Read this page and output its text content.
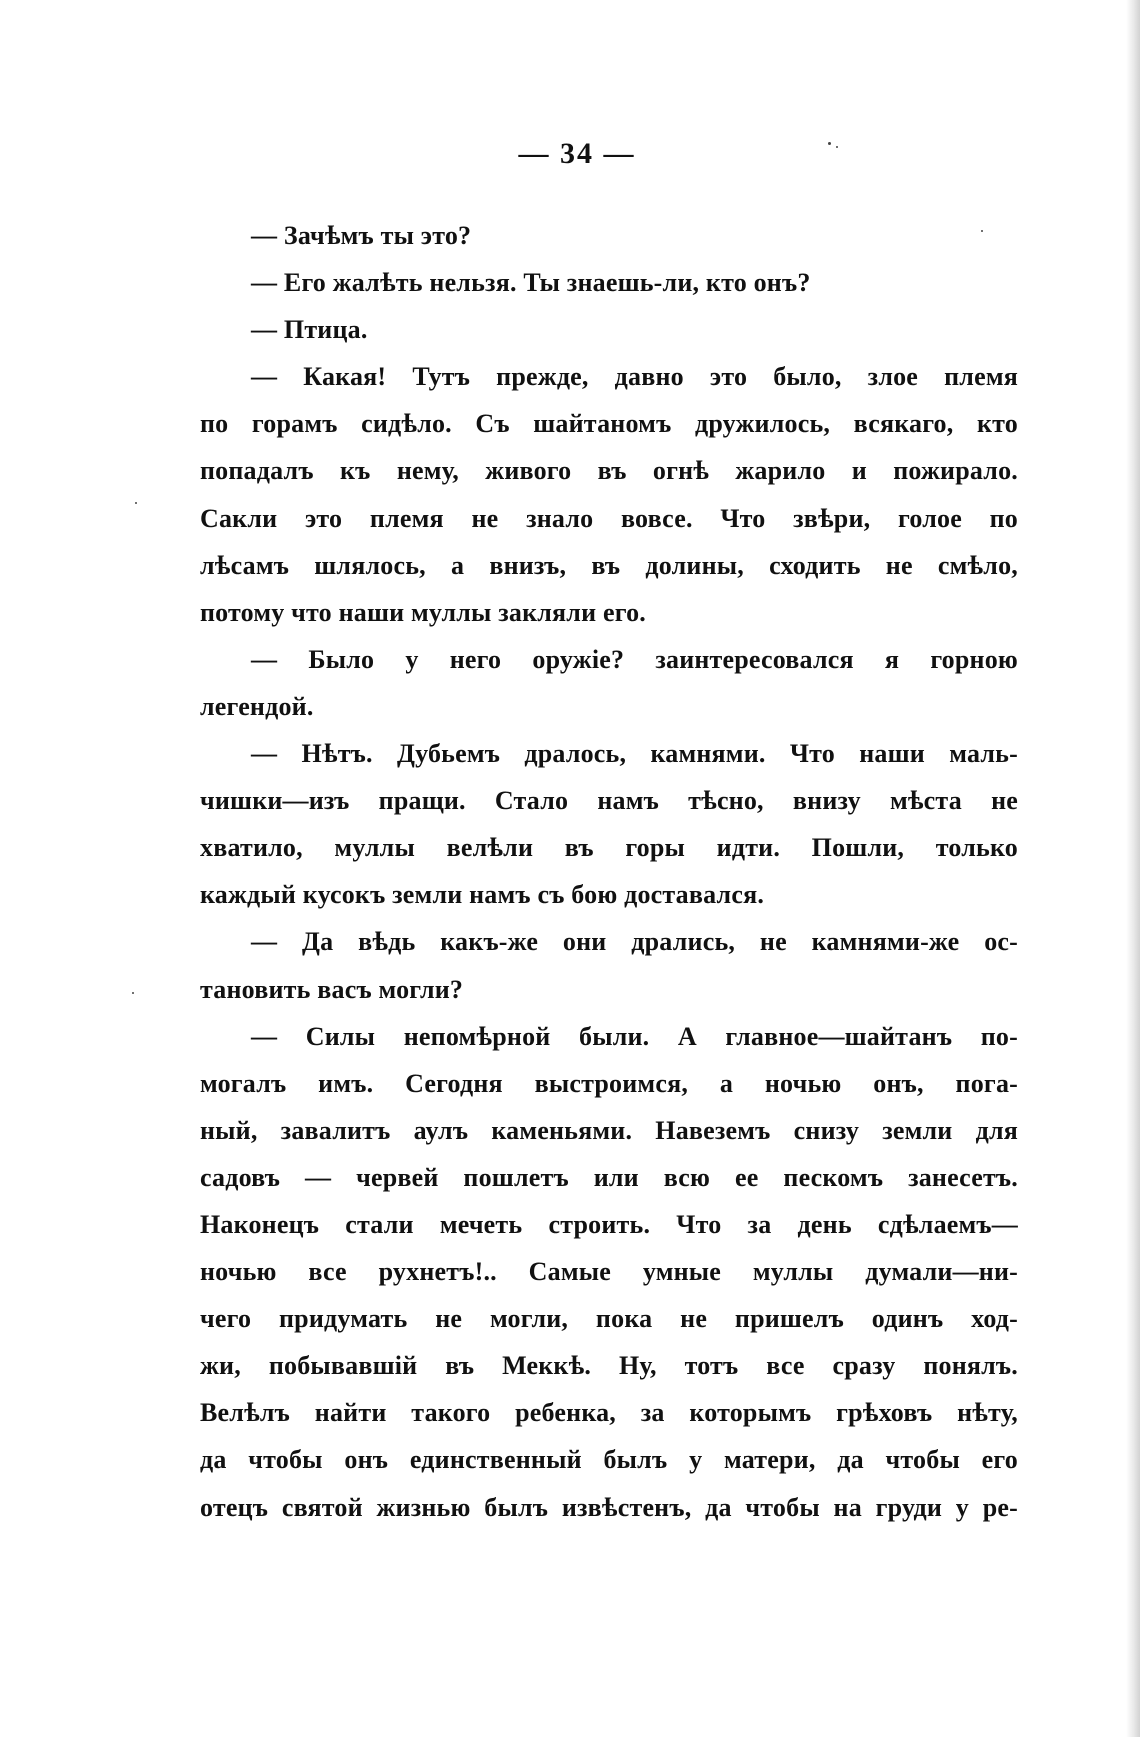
— 34 —
— Зачѣмъ ты это?
— Его жалѣть нельзя. Ты знаешь-ли, кто онъ?
— Птица.
— Какая! Тутъ прежде, давно это было, злое племя
по горамъ сидѣло. Съ шайтаномъ дружилось, всякаго, кто
попадалъ къ нему, живого въ огнѣ жарило и пожирало.
Сакли это племя не знало вовсе. Что звѣри, голое по
лѣсамъ шлялось, а внизъ, въ долины, сходить не смѣло,
потому что наши муллы закляли его.
— Было у него оружіе? заинтересовался я горною
легендой.
— Нѣтъ. Дубьемъ дралось, камнями. Что наши маль-
чишки—изъ пращи. Стало намъ тѣсно, внизу мѣста не
хватило, муллы велѣли въ горы идти. Пошли, только
каждый кусокъ земли намъ съ бою доставался.
— Да вѣдь какъ-же они дрались, не камнями-же ос-
тановить васъ могли?
— Силы непомѣрной были. А главное—шайтанъ по-
могалъ имъ. Сегодня выстроимся, а ночью онъ, пога-
ный, завалитъ аулъ каменьями. Навеземъ снизу земли для
садовъ — червей пошлетъ или всю ее пескомъ занесетъ.
Наконецъ стали мечеть строить. Что за день сдѣлаемъ—
ночью все рухнетъ!.. Самые умные муллы думали—ни-
чего придумать не могли, пока не пришелъ одинъ ход-
жи, побывавшій въ Меккѣ. Ну, тотъ все сразу понялъ.
Велѣлъ найти такого ребенка, за которымъ грѣховъ нѣту,
да чтобы онъ единственный былъ у матери, да чтобы его
отецъ святой жизнью былъ извѣстенъ, да чтобы на груди у ре-
